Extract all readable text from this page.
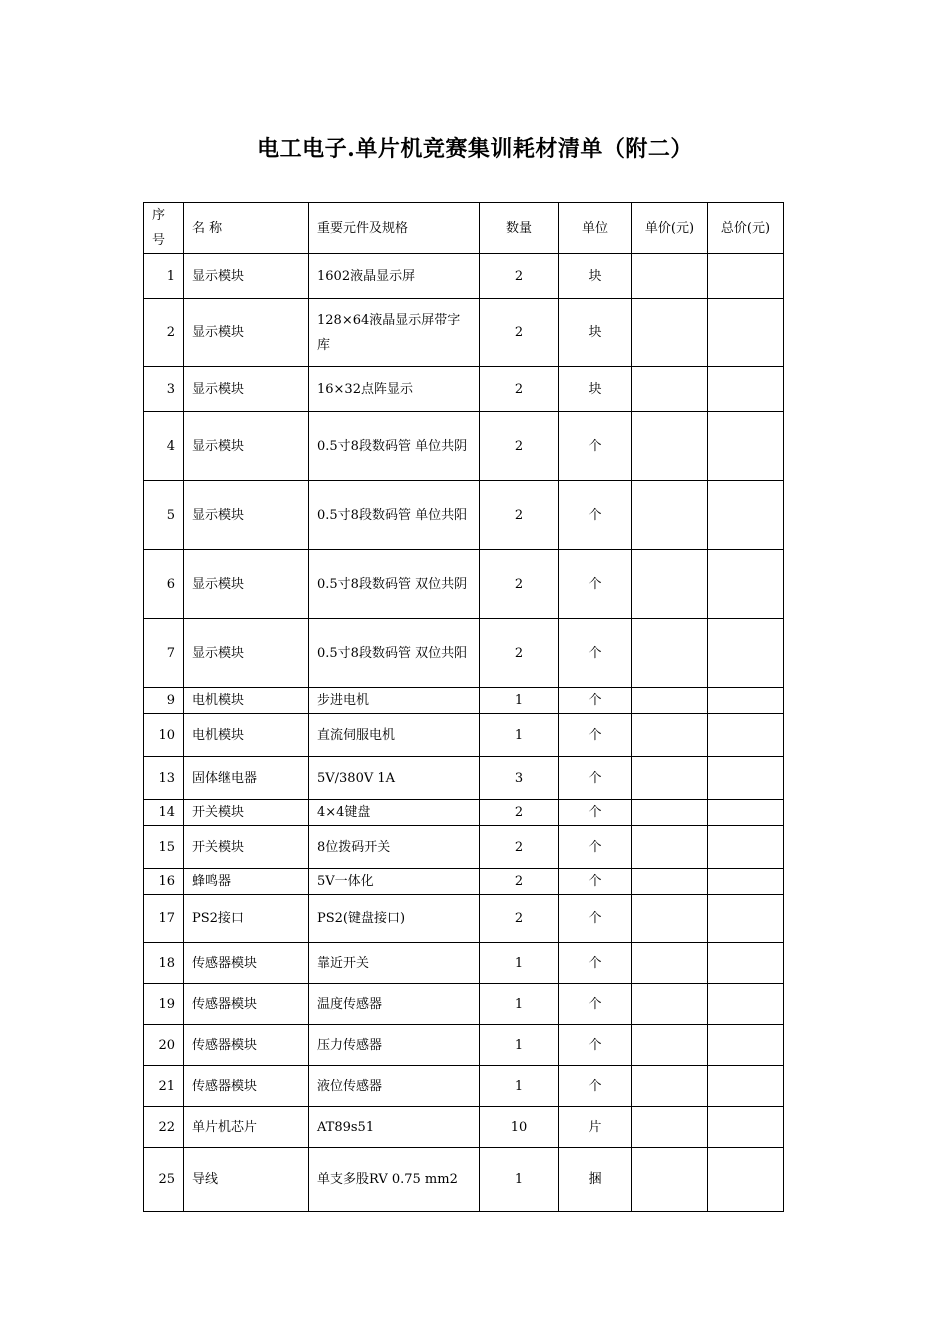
电工电子.单片机竞赛集训耗材清单（附二）
序号	名 称	重要元件及规格	数量	单位	单价(元)	总价(元)
1	显示模块	1602液晶显示屏	2	块		
2	显示模块	128×64液晶显示屏带字库	2	块		
3	显示模块	16×32点阵显示	2	块		
4	显示模块	0.5寸8段数码管 单位共阴	2	个		
5	显示模块	0.5寸8段数码管 单位共阳	2	个		
6	显示模块	0.5寸8段数码管 双位共阴	2	个		
7	显示模块	0.5寸8段数码管 双位共阳	2	个		
9	电机模块	步进电机	1	个		
10	电机模块	直流伺服电机	1	个		
13	固体继电器	5V/380V 1A	3	个		
14	开关模块	4×4键盘	2	个		
15	开关模块	8位拨码开关	2	个		
16	蜂鸣器	5V一体化	2	个		
17	PS2接口	PS2(键盘接口)	2	个		
18	传感器模块	靠近开关	1	个		
19	传感器模块	温度传感器	1	个		
20	传感器模块	压力传感器	1	个		
21	传感器模块	液位传感器	1	个		
22	单片机芯片	AT89s51	10	片		
25	导线	单支多股RV 0.75 mm2	1	捆		
